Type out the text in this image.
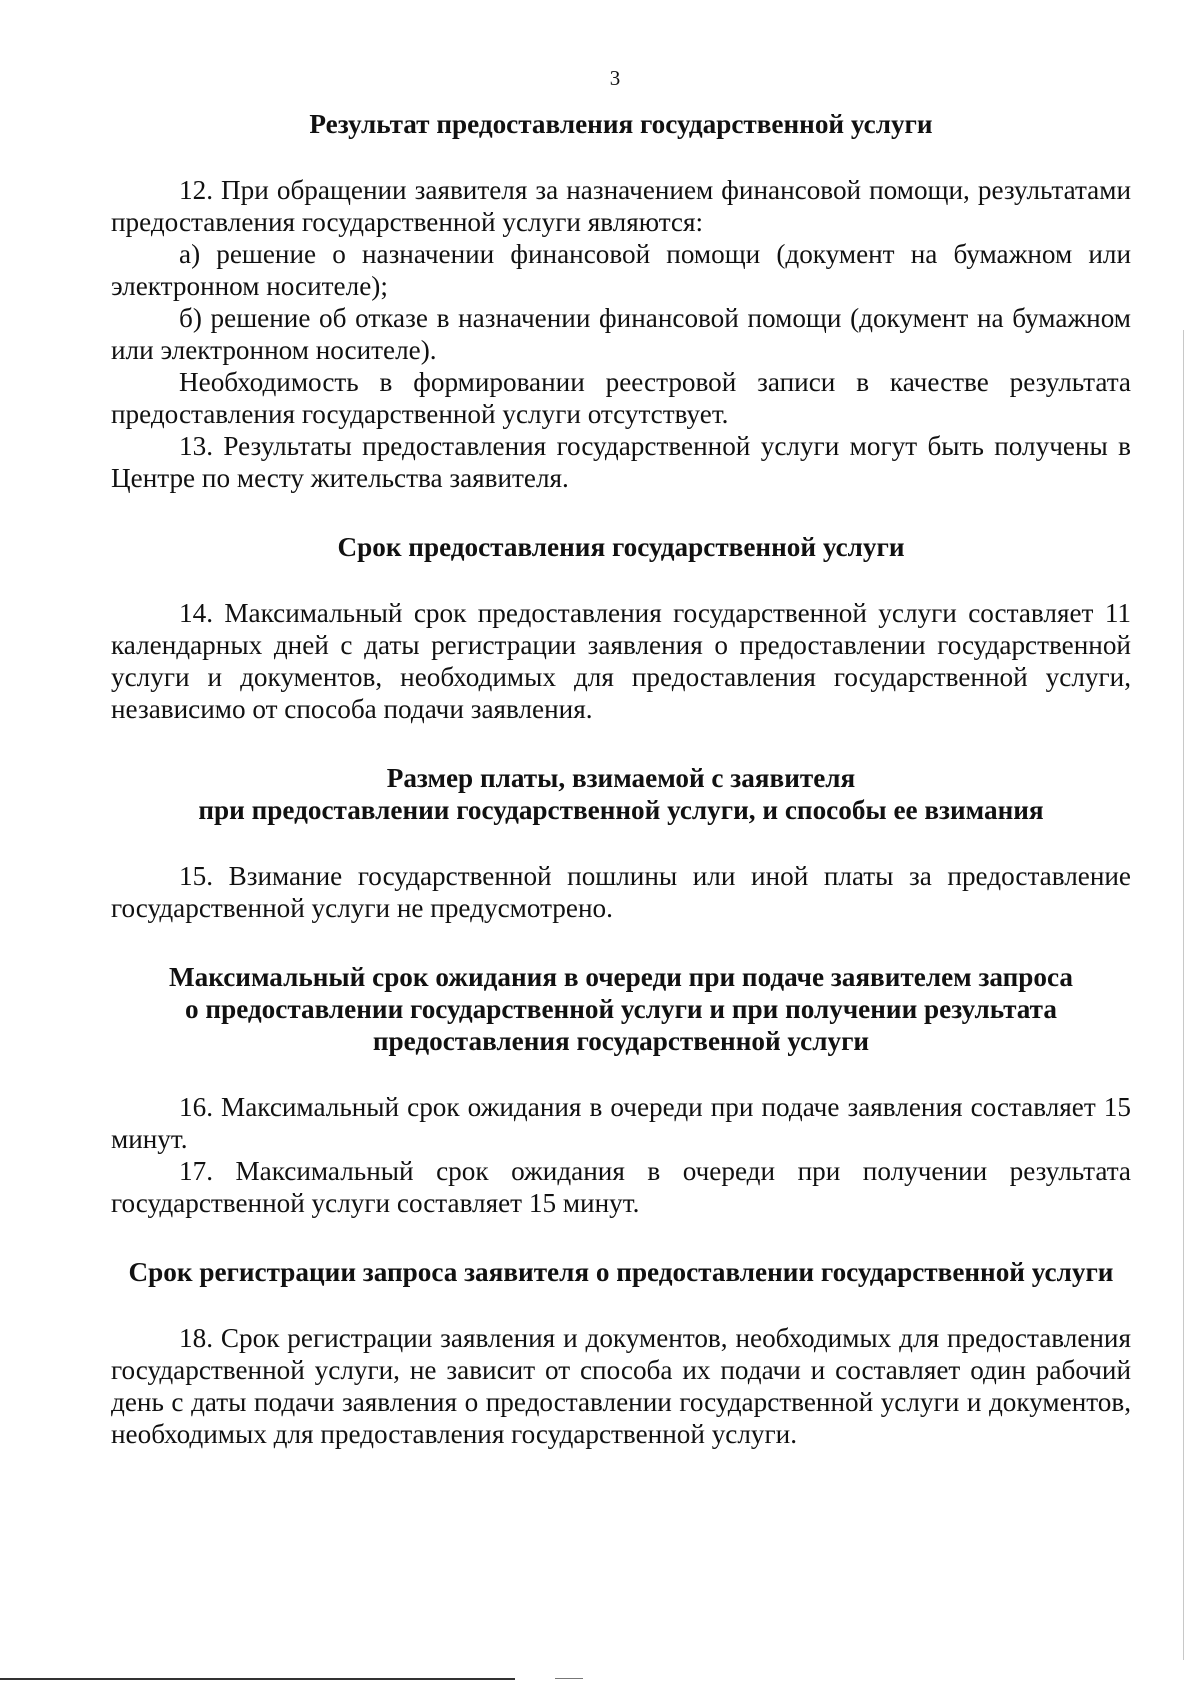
3

Результат предоставления государственной услуги

12. При обращении заявителя за назначением финансовой помощи, результатами предоставления государственной услуги являются:

а) решение о назначении финансовой помощи (документ на бумажном или электронном носителе);

б) решение об отказе в назначении финансовой помощи (документ на бумажном или электронном носителе).

Необходимость в формировании реестровой записи в качестве результата предоставления государственной услуги отсутствует.

13. Результаты предоставления государственной услуги могут быть получены в Центре по месту жительства заявителя.

Срок предоставления государственной услуги

14. Максимальный срок предоставления государственной услуги составляет 11 календарных дней с даты регистрации заявления о предоставлении государственной услуги и документов, необходимых для предоставления государственной услуги, независимо от способа подачи заявления.

Размер платы, взимаемой с заявителя
при предоставлении государственной услуги, и способы ее взимания

15. Взимание государственной пошлины или иной платы за предоставление государственной услуги не предусмотрено.

Максимальный срок ожидания в очереди при подаче заявителем запроса
о предоставлении государственной услуги и при получении результата
предоставления государственной услуги

16. Максимальный срок ожидания в очереди при подаче заявления составляет 15 минут.

17. Максимальный срок ожидания в очереди при получении результата государственной услуги составляет 15 минут.

Срок регистрации запроса заявителя о предоставлении государственной услуги

18. Срок регистрации заявления и документов, необходимых для предоставления государственной услуги, не зависит от способа их подачи и составляет один рабочий день с даты подачи заявления о предоставлении государственной услуги и документов, необходимых для предоставления государственной услуги.
